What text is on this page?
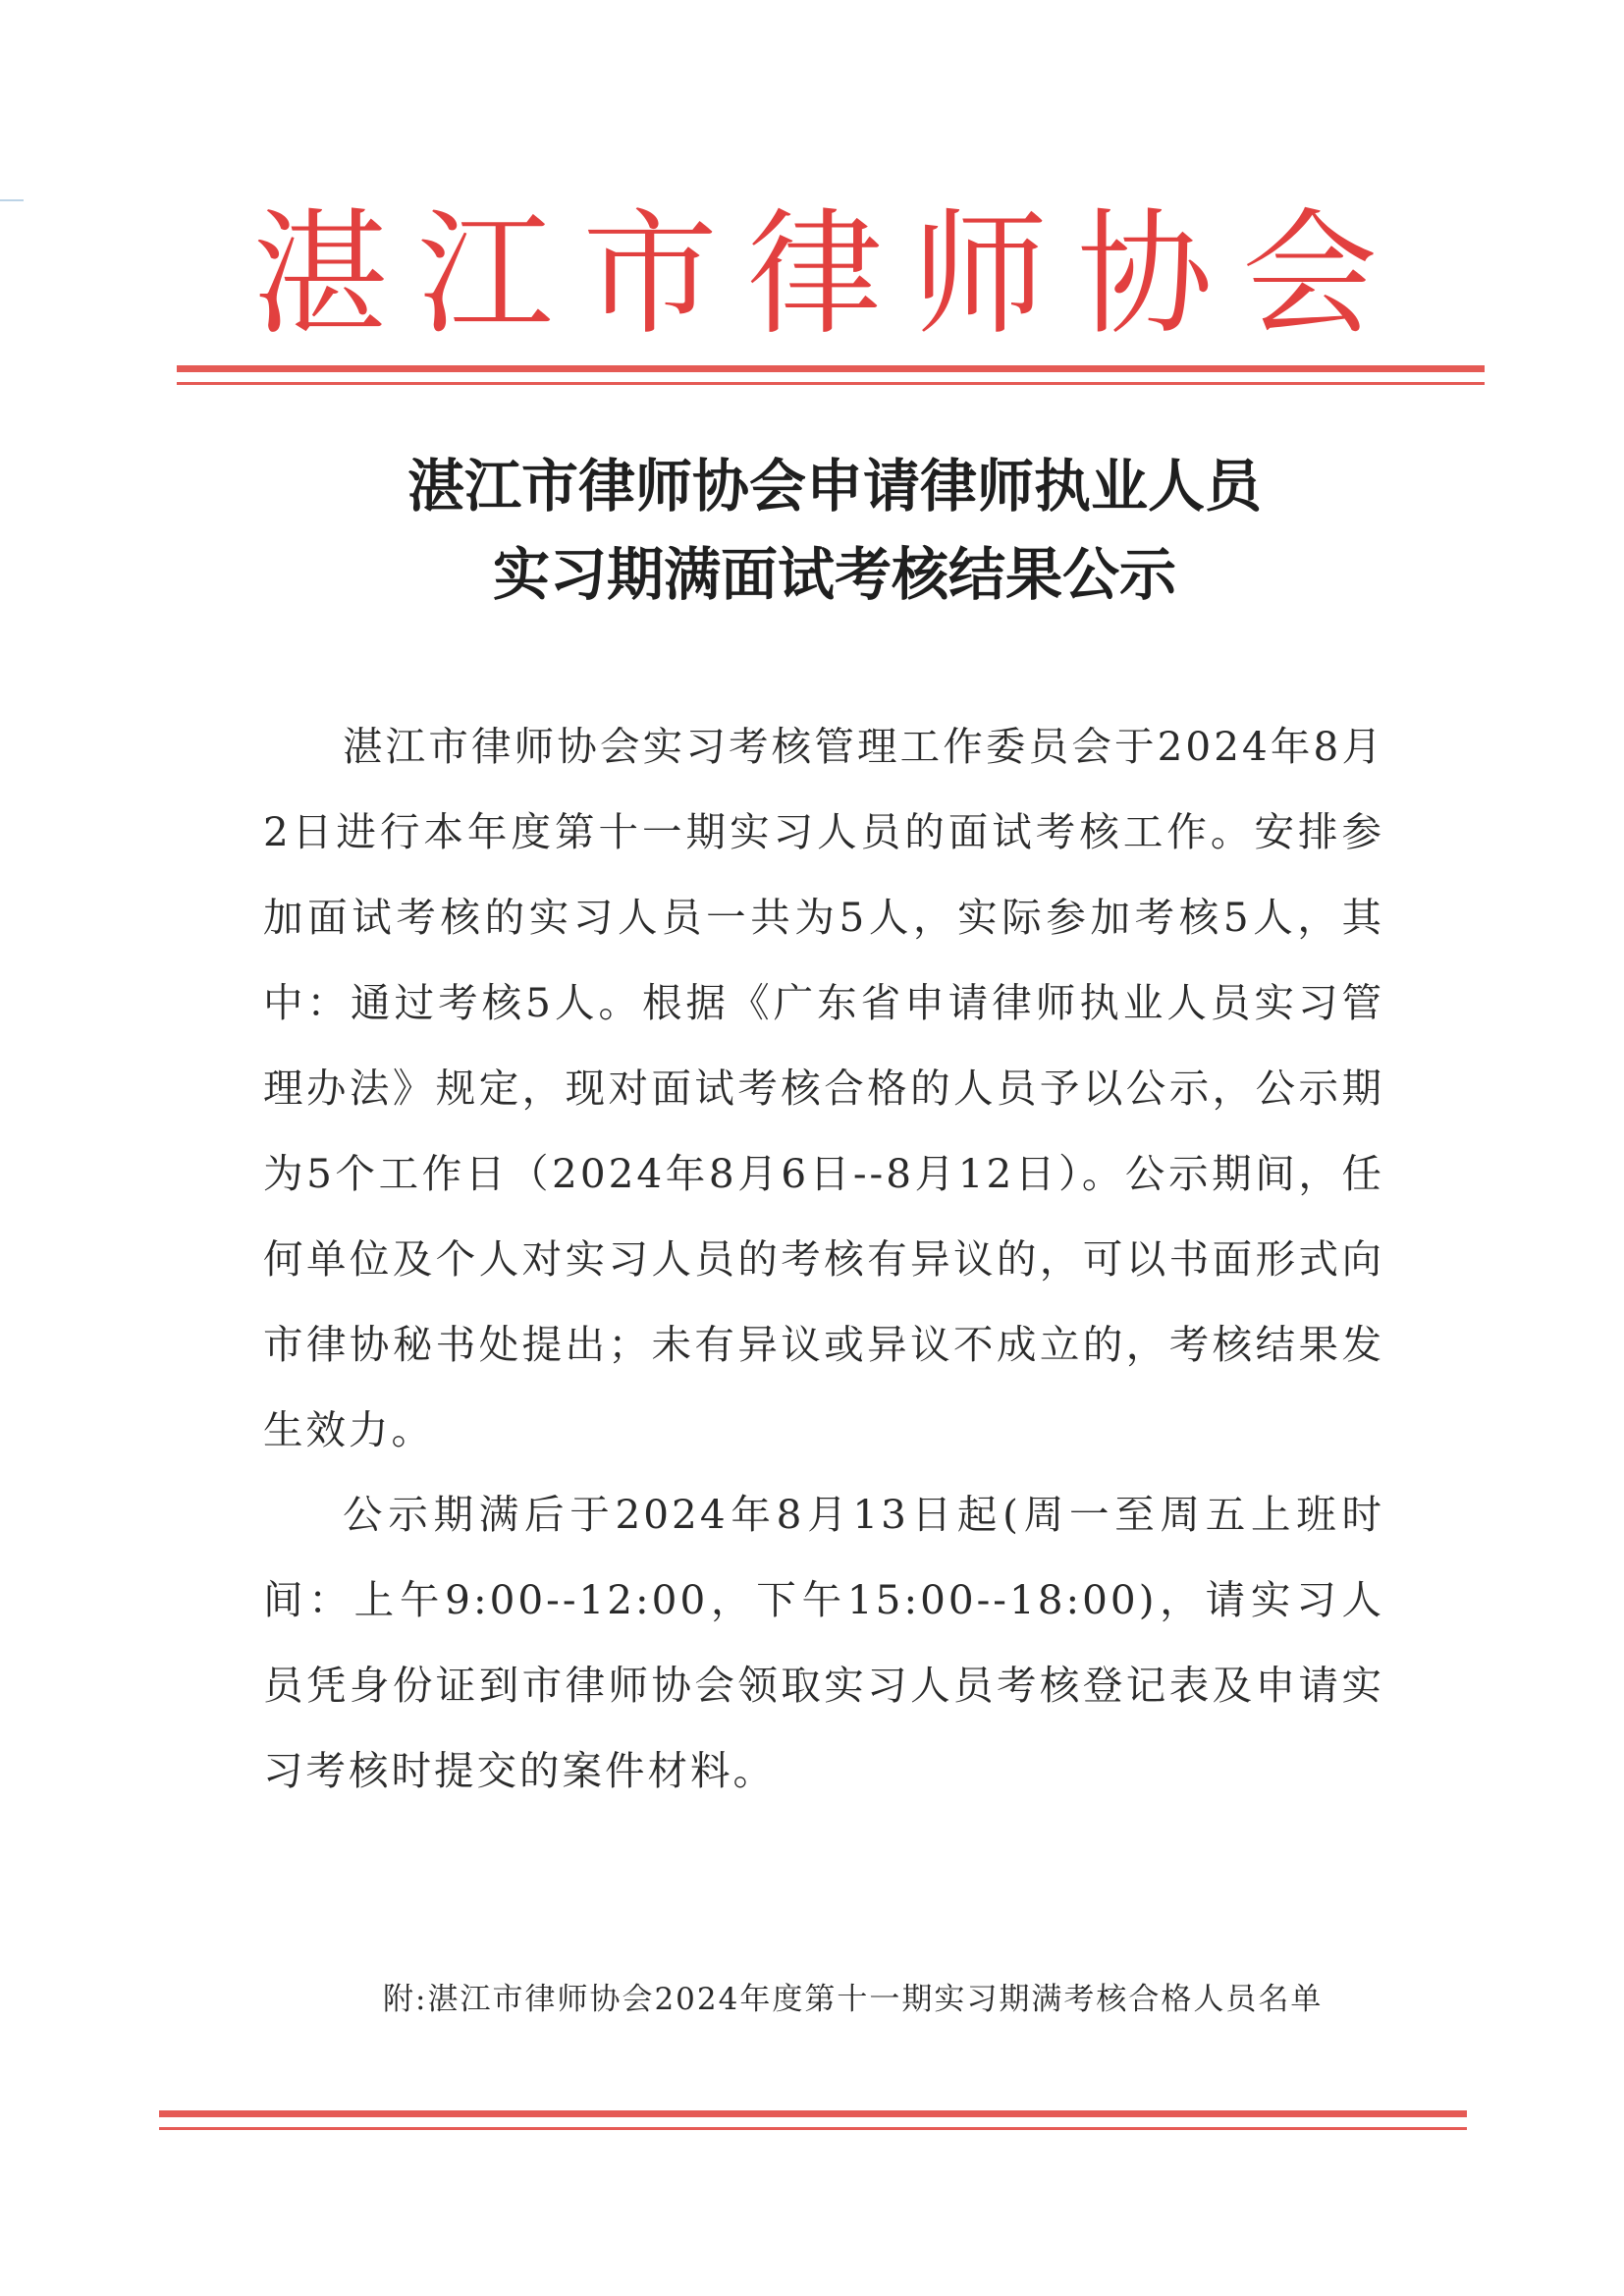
湛江市律师协会
湛江市律师协会申请律师执业人员
实习期满面试考核结果公示

湛江市律师协会实习考核管理工作委员会于2024年8月2日进行本年度第十一期实习人员的面试考核工作。安排参加面试考核的实习人员一共为5人，实际参加考核5人，其中：通过考核5人。根据《广东省申请律师执业人员实习管理办法》规定，现对面试考核合格的人员予以公示，公示期为5个工作日（2024年8月6日--8月12日）。公示期间，任何单位及个人对实习人员的考核有异议的，可以书面形式向市律协秘书处提出；未有异议或异议不成立的，考核结果发生效力。

公示期满后于2024年8月13日起(周一至周五上班时间：上午9:00--12:00，下午15:00--18:00)，请实习人员凭身份证到市律师协会领取实习人员考核登记表及申请实习考核时提交的案件材料。

附:湛江市律师协会2024年度第十一期实习期满考核合格人员名单
